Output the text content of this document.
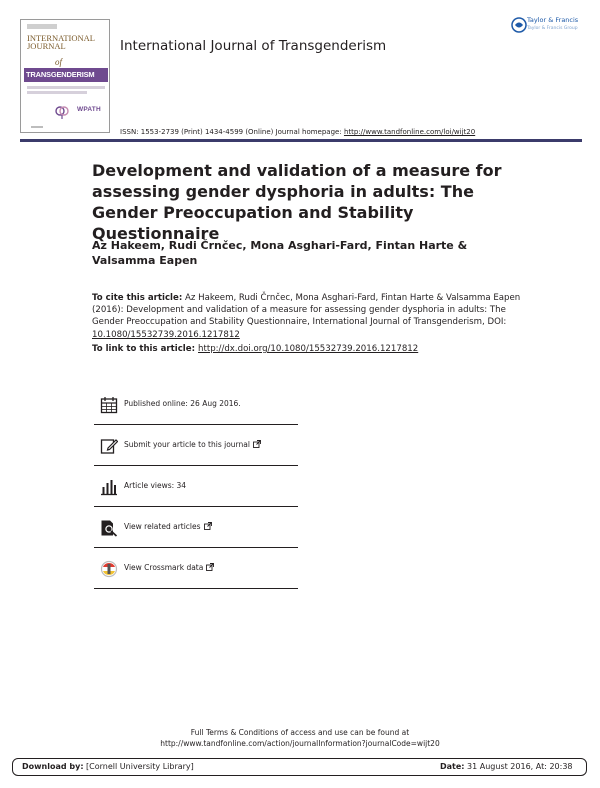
INTERNATIONAL
JOURNAL
of
TRANSGENDERISM
WPATH
International Journal of Transgenderism
Taylor & Francis
Taylor & Francis Group
ISSN: 1553-2739 (Print) 1434-4599 (Online) Journal homepage: http://www.tandfonline.com/loi/wijt20
Development and validation of a measure for assessing gender dysphoria in adults: The Gender Preoccupation and Stability Questionnaire
Az Hakeem, Rudi Črnčec, Mona Asghari-Fard, Fintan Harte & Valsamma Eapen
To cite this article: Az Hakeem, Rudi Črnčec, Mona Asghari-Fard, Fintan Harte & Valsamma Eapen (2016): Development and validation of a measure for assessing gender dysphoria in adults: The Gender Preoccupation and Stability Questionnaire, International Journal of Transgenderism, DOI: 10.1080/15532739.2016.1217812
To link to this article: http://dx.doi.org/10.1080/15532739.2016.1217812
Published online: 26 Aug 2016.
Submit your article to this journal
Article views: 34
View related articles
View Crossmark data
Full Terms & Conditions of access and use can be found at
http://www.tandfonline.com/action/journalInformation?journalCode=wijt20
Download by: [Cornell University Library]	Date: 31 August 2016, At: 20:38
